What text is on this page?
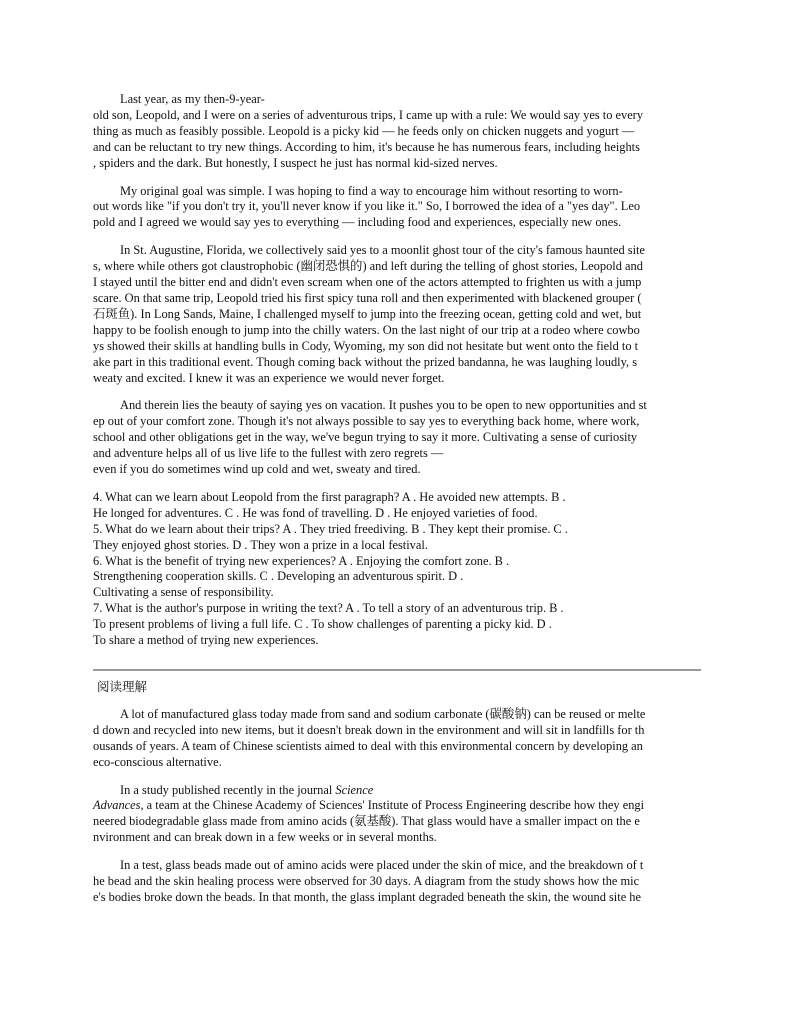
Last year, as my then-9-year-
old son, Leopold, and I were on a series of adventurous trips, I came up with a rule: We would say yes to every
thing as much as feasibly possible. Leopold is a picky kid — he feeds only on chicken nuggets and yogurt —
and can be reluctant to try new things. According to him, it's because he has numerous fears, including heights
, spiders and the dark. But honestly, I suspect he just has normal kid-sized nerves.
My original goal was simple. I was hoping to find a way to encourage him without resorting to worn-
out words like "if you don't try it, you'll never know if you like it." So, I borrowed the idea of a "yes day". Leo
pold and I agreed we would say yes to everything — including food and experiences, especially new ones.
In St. Augustine, Florida, we collectively said yes to a moonlit ghost tour of the city's famous haunted site
s, where while others got claustrophobic (幽闭恐惧的) and left during the telling of ghost stories, Leopold and
I stayed until the bitter end and didn't even scream when one of the actors attempted to frighten us with a jump
scare. On that same trip, Leopold tried his first spicy tuna roll and then experimented with blackened grouper (
石斑鱼). In Long Sands, Maine, I challenged myself to jump into the freezing ocean, getting cold and wet, but
happy to be foolish enough to jump into the chilly waters. On the last night of our trip at a rodeo where cowbo
ys showed their skills at handling bulls in Cody, Wyoming, my son did not hesitate but went onto the field to t
ake part in this traditional event. Though coming back without the prized bandanna, he was laughing loudly, s
weaty and excited. I knew it was an experience we would never forget.
And therein lies the beauty of saying yes on vacation. It pushes you to be open to new opportunities and st
ep out of your comfort zone. Though it's not always possible to say yes to everything back home, where work,
school and other obligations get in the way, we've begun trying to say it more. Cultivating a sense of curiosity
and adventure helps all of us live life to the fullest with zero regrets —
even if you do sometimes wind up cold and wet, sweaty and tired.
4. What can we learn about Leopold from the first paragraph? A . He avoided new attempts. B .
He longed for adventures. C . He was fond of travelling. D . He enjoyed varieties of food.
5. What do we learn about their trips? A . They tried freediving. B . They kept their promise. C .
They enjoyed ghost stories. D . They won a prize in a local festival.
6. What is the benefit of trying new experiences? A . Enjoying the comfort zone. B .
Strengthening cooperation skills. C . Developing an adventurous spirit. D .
Cultivating a sense of responsibility.
7. What is the author's purpose in writing the text? A . To tell a story of an adventurous trip. B .
To present problems of living a full life. C . To show challenges of parenting a picky kid. D .
To share a method of trying new experiences.
阅读理解
A lot of manufactured glass today made from sand and sodium carbonate (碳酸钠) can be reused or melte
d down and recycled into new items, but it doesn't break down in the environment and will sit in landfills for th
ousands of years. A team of Chinese scientists aimed to deal with this environmental concern by developing an
eco-conscious alternative.
In a study published recently in the journal Science
Advances, a team at the Chinese Academy of Sciences' Institute of Process Engineering describe how they engi
neered biodegradable glass made from amino acids (氨基酸). That glass would have a smaller impact on the e
nvironment and can break down in a few weeks or in several months.
In a test, glass beads made out of amino acids were placed under the skin of mice, and the breakdown of t
he bead and the skin healing process were observed for 30 days. A diagram from the study shows how the mic
e's bodies broke down the beads. In that month, the glass implant degraded beneath the skin, the wound site he
